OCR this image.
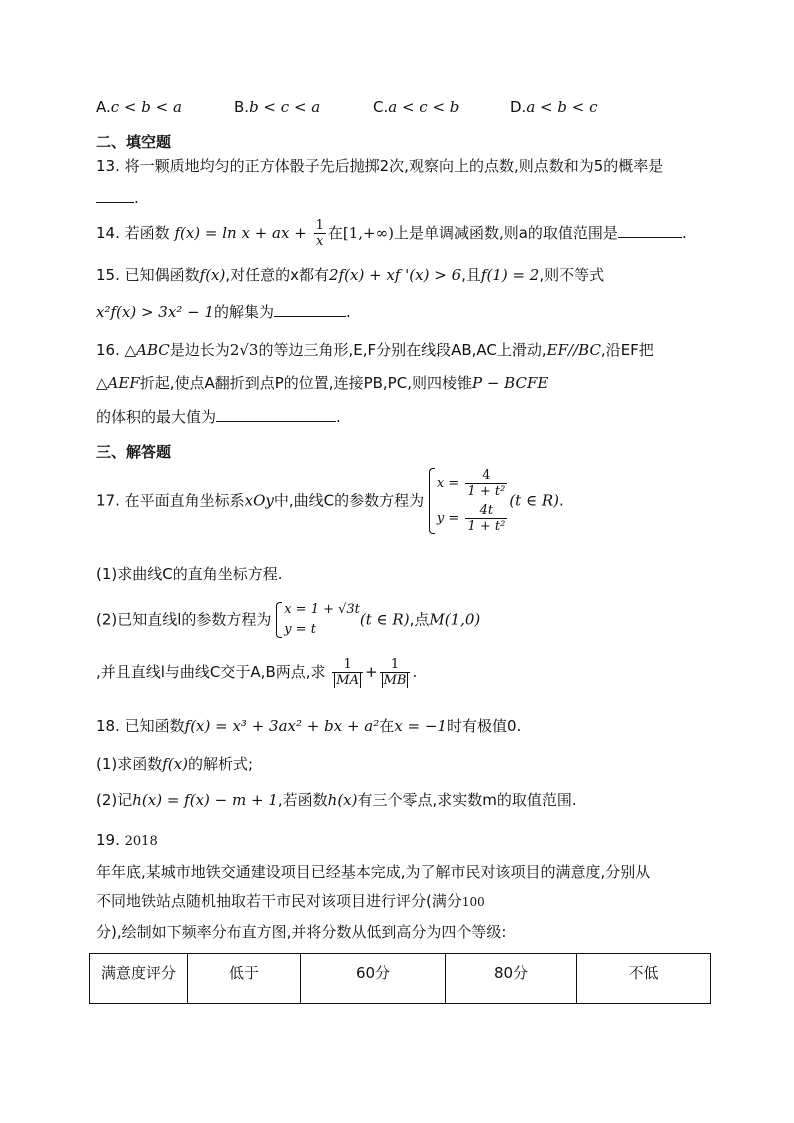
A.c < b < a	B.b < c < a	C.a < c < b	D.a < b < c
二、填空题
13. 将一颗质地均匀的正方体骰子先后抛掷2次,观察向上的点数,则点数和为5的概率是
.
14. 若函数 f(x) = ln x + ax + $\frac{1}{x}$ 在[1,+∞)上是单调减函数,则a的取值范围是	.
15. 已知偶函数f(x),对任意的x都有2f(x) + xf '(x) > 6,且f(1) = 2,则不等式
x²f(x) > 3x² − 1的解集为	.
16. △ABC是边长为2√3的等边三角形,E,F分别在线段AB,AC上滑动,EF//BC,沿EF把
△AEF折起,使点A翻折到点P的位置,连接PB,PC,则四棱锥P − BCFE
的体积的最大值为	.
三、解答题
17. 在平面直角坐标系xOy中,曲线C的参数方程为
$x = \frac{4}{\text{1 + t²}}$
$y = \frac{4t}{\text{1 + t²}}$
(t ∈ R).
(1)求曲线C的直角坐标方程.
(2)已知直线l的参数方程为
x = 1 + √3t
y = t
(t ∈ R),点M(1,0)
,并且直线l与曲线C交于A,B两点,求 $\frac{1}{MA} + \frac{1}{MB}$ .
18. 已知函数f(x) = x³ + 3ax² + bx + a²在x = −1时有极值0.
(1)求函数f(x)的解析式;
(2)记h(x) = f(x) − m + 1,若函数h(x)有三个零点,求实数m的取值范围.
19. 2018
年年底,某城市地铁交通建设项目已经基本完成,为了解市民对该项目的满意度,分别从
不同地铁站点随机抽取若干市民对该项目进行评分(满分100
分),绘制如下频率分布直方图,并将分数从低到高分为四个等级:
满意度评分	低于	60分	80分	不低
